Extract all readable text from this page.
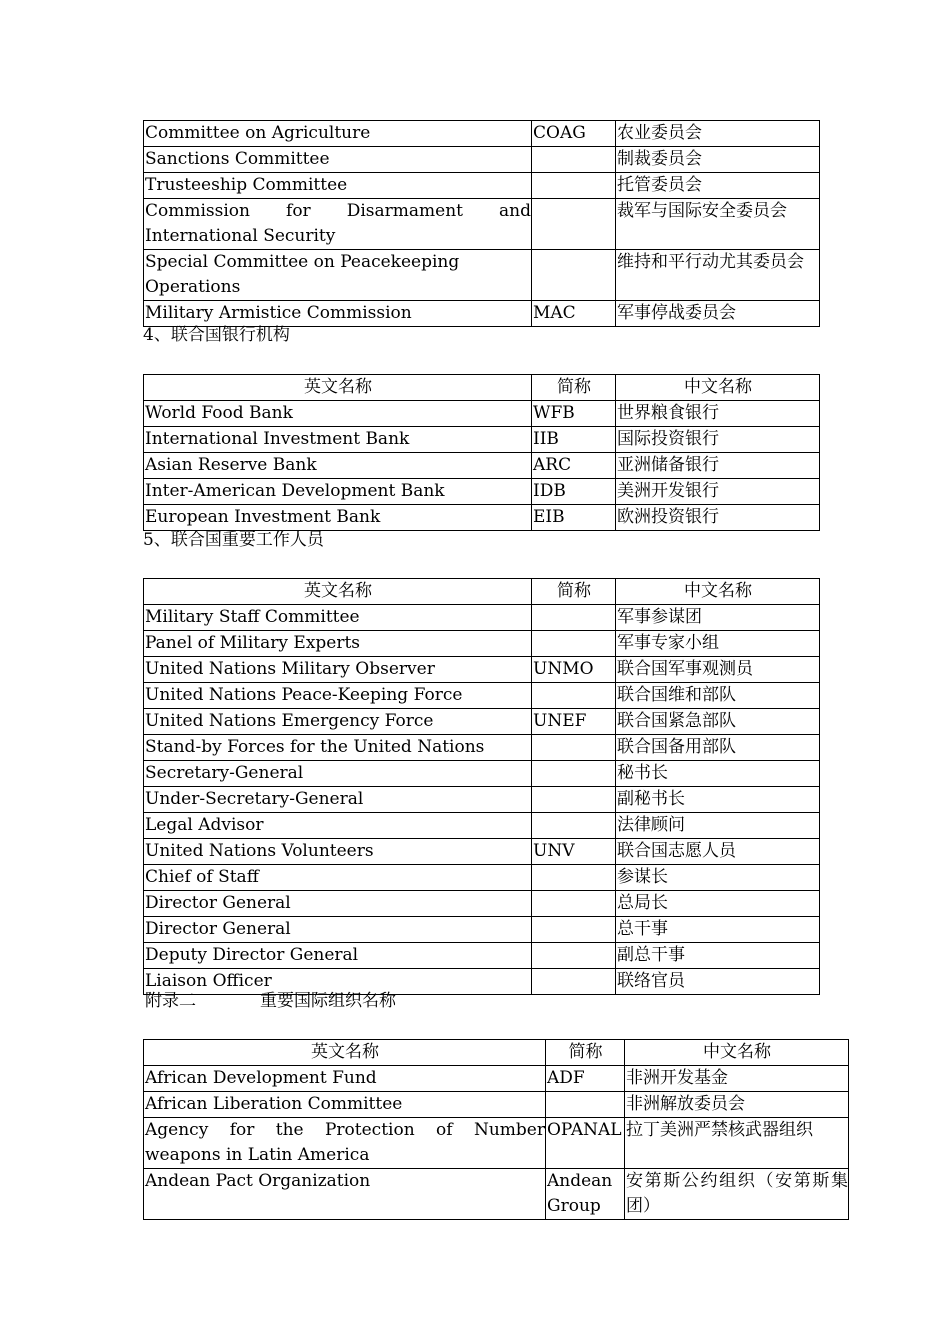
Committee on Agriculture	COAG	农业委员会
Sanctions Committee		制裁委员会
Trusteeship Committee		托管委员会
Commission for Disarmament and International Security		裁军与国际安全委员会
Special Committee on Peacekeeping Operations		维持和平行动尤其委员会
Military Armistice Commission	MAC	军事停战委员会
4、联合国银行机构
英文名称	简称	中文名称
World Food Bank	WFB	世界粮食银行
International Investment Bank	IIB	国际投资银行
Asian Reserve Bank	ARC	亚洲储备银行
Inter-American Development Bank	IDB	美洲开发银行
European Investment Bank	EIB	欧洲投资银行
5、联合国重要工作人员
英文名称	简称	中文名称
Military Staff Committee		军事参谋团
Panel of Military Experts		军事专家小组
United Nations Military Observer	UNMO	联合国军事观测员
United Nations Peace-Keeping Force		联合国维和部队
United Nations Emergency Force	UNEF	联合国紧急部队
Stand-by Forces for the United Nations		联合国备用部队
Secretary-General		秘书长
Under-Secretary-General		副秘书长
Legal Advisor		法律顾问
United Nations Volunteers	UNV	联合国志愿人员
Chief of Staff		参谋长
Director General		总局长
Director General		总干事
Deputy Director General		副总干事
Liaison Officer		联络官员
附录二	重要国际组织名称
英文名称	简称	中文名称
African Development Fund	ADF	非洲开发基金
African Liberation Committee		非洲解放委员会
Agency for the Protection of Number weapons in Latin America	OPANAL	拉丁美洲严禁核武器组织
Andean Pact Organization	Andean Group	安第斯公约组织（安第斯集团）
